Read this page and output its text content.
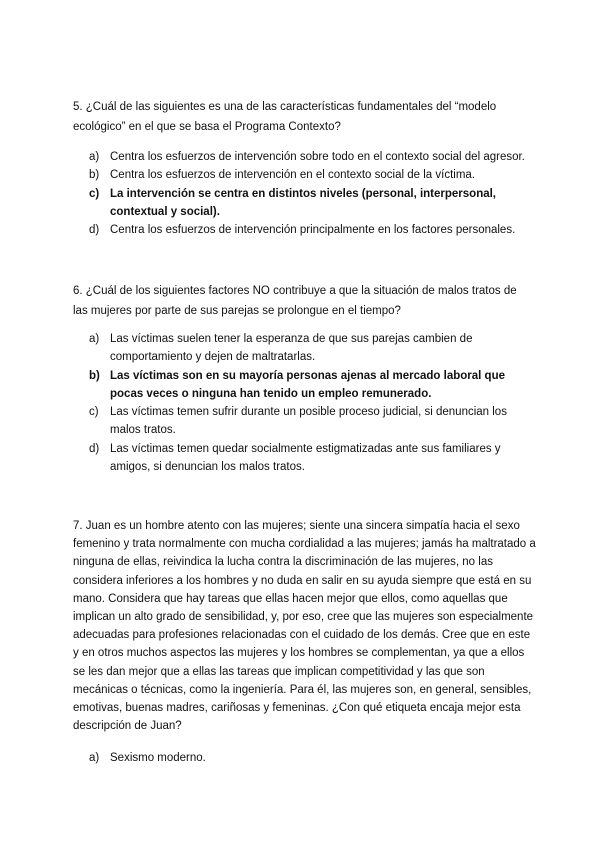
5. ¿Cuál de las siguientes es una de las características fundamentales del “modelo ecológico” en el que se basa el Programa Contexto?

a) Centra los esfuerzos de intervención sobre todo en el contexto social del agresor.
b) Centra los esfuerzos de intervención en el contexto social de la víctima.
c) La intervención se centra en distintos niveles (personal, interpersonal, contextual y social).
d) Centra los esfuerzos de intervención principalmente en los factores personales.

6. ¿Cuál de los siguientes factores NO contribuye a que la situación de malos tratos de las mujeres por parte de sus parejas se prolongue en el tiempo?

a) Las víctimas suelen tener la esperanza de que sus parejas cambien de comportamiento y dejen de maltratarlas.
b) Las víctimas son en su mayoría personas ajenas al mercado laboral que pocas veces o ninguna han tenido un empleo remunerado.
c) Las víctimas temen sufrir durante un posible proceso judicial, si denuncian los malos tratos.
d) Las víctimas temen quedar socialmente estigmatizadas ante sus familiares y amigos, si denuncian los malos tratos.

7. Juan es un hombre atento con las mujeres; siente una sincera simpatía hacia el sexo femenino y trata normalmente con mucha cordialidad a las mujeres; jamás ha maltratado a ninguna de ellas, reivindica la lucha contra la discriminación de las mujeres, no las considera inferiores a los hombres y no duda en salir en su ayuda siempre que está en su mano. Considera que hay tareas que ellas hacen mejor que ellos, como aquellas que implican un alto grado de sensibilidad, y, por eso, cree que las mujeres son especialmente adecuadas para profesiones relacionadas con el cuidado de los demás. Cree que en este y en otros muchos aspectos las mujeres y los hombres se complementan, ya que a ellos se les dan mejor que a ellas las tareas que implican competitividad y las que son mecánicas o técnicas, como la ingeniería. Para él, las mujeres son, en general, sensibles, emotivas, buenas madres, cariñosas y femeninas. ¿Con qué etiqueta encaja mejor esta descripción de Juan?

a) Sexismo moderno.
